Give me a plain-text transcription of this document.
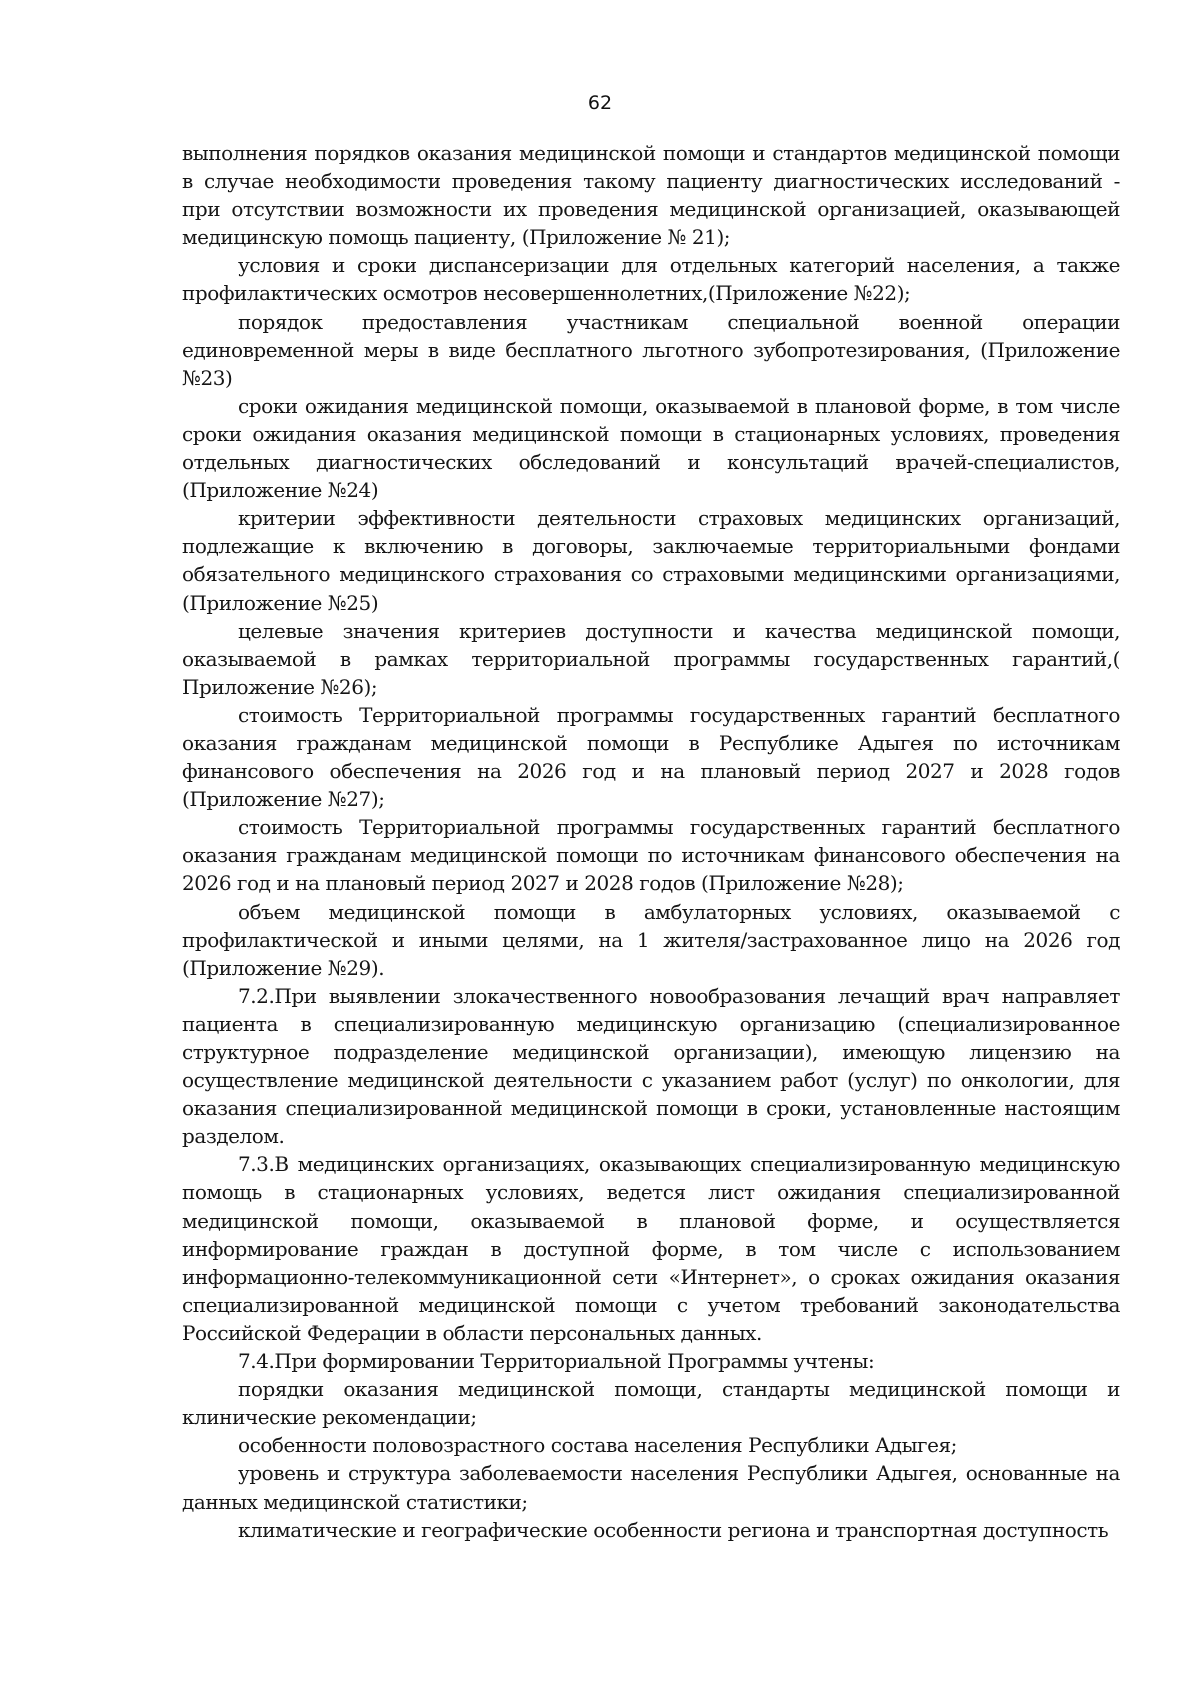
62

выполнения порядков оказания медицинской помощи и стандартов медицинской помощи в случае необходимости проведения такому пациенту диагностических исследований - при отсутствии возможности их проведения медицинской организацией, оказывающей медицинскую помощь пациенту, (Приложение № 21);

условия и сроки диспансеризации для отдельных категорий населения, а также профилактических осмотров несовершеннолетних,(Приложение №22);

порядок предоставления участникам специальной военной операции единовременной меры в виде бесплатного льготного зубопротезирования, (Приложение №23)

сроки ожидания медицинской помощи, оказываемой в плановой форме, в том числе сроки ожидания оказания медицинской помощи в стационарных условиях, проведения отдельных диагностических обследований и консультаций врачей-специалистов, (Приложение №24)

критерии эффективности деятельности страховых медицинских организаций, подлежащие к включению в договоры, заключаемые территориальными фондами обязательного медицинского страхования со страховыми медицинскими организациями, (Приложение №25)

целевые значения критериев доступности и качества медицинской помощи, оказываемой в рамках территориальной программы государственных гарантий,( Приложение №26);

стоимость Территориальной программы государственных гарантий бесплатного оказания гражданам медицинской помощи в Республике Адыгея по источникам финансового обеспечения на 2026 год и на плановый период 2027 и 2028 годов (Приложение №27);

стоимость Территориальной программы государственных гарантий бесплатного оказания гражданам медицинской помощи по источникам финансового обеспечения на 2026 год и на плановый период 2027 и 2028 годов (Приложение №28);

объем медицинской помощи в амбулаторных условиях, оказываемой с профилактической и иными целями, на 1 жителя/застрахованное лицо на 2026 год (Приложение №29).

7.2.При выявлении злокачественного новообразования лечащий врач направляет пациента в специализированную медицинскую организацию (специализированное структурное подразделение медицинской организации), имеющую лицензию на осуществление медицинской деятельности с указанием работ (услуг) по онкологии, для оказания специализированной медицинской помощи в сроки, установленные настоящим разделом.

7.3.В медицинских организациях, оказывающих специализированную медицинскую помощь в стационарных условиях, ведется лист ожидания специализированной медицинской помощи, оказываемой в плановой форме, и осуществляется информирование граждан в доступной форме, в том числе с использованием информационно-телекоммуникационной сети «Интернет», о сроках ожидания оказания специализированной медицинской помощи с учетом требований законодательства Российской Федерации в области персональных данных.

7.4.При формировании Территориальной Программы учтены:

порядки оказания медицинской помощи, стандарты медицинской помощи и клинические рекомендации;

особенности половозрастного состава населения Республики Адыгея;

уровень и структура заболеваемости населения Республики Адыгея, основанные на данных медицинской статистики;

климатические и географические особенности региона и транспортная доступность
